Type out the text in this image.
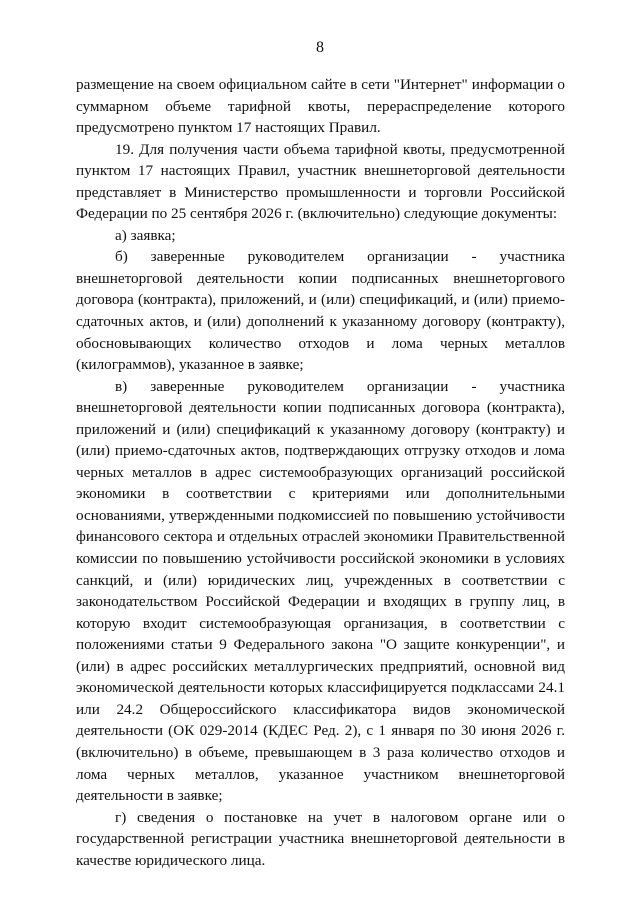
8

размещение на своем официальном сайте в сети "Интернет" информации о суммарном объеме тарифной квоты, перераспределение которого предусмотрено пунктом 17 настоящих Правил.

19. Для получения части объема тарифной квоты, предусмотренной пунктом 17 настоящих Правил, участник внешнеторговой деятельности представляет в Министерство промышленности и торговли Российской Федерации по 25 сентября 2026 г. (включительно) следующие документы:

а) заявка;

б) заверенные руководителем организации - участника внешнеторговой деятельности копии подписанных внешнеторгового договора (контракта), приложений, и (или) спецификаций, и (или) приемо-сдаточных актов, и (или) дополнений к указанному договору (контракту), обосновывающих количество отходов и лома черных металлов (килограммов), указанное в заявке;

в) заверенные руководителем организации - участника внешнеторговой деятельности копии подписанных договора (контракта), приложений и (или) спецификаций к указанному договору (контракту) и (или) приемо-сдаточных актов, подтверждающих отгрузку отходов и лома черных металлов в адрес системообразующих организаций российской экономики в соответствии с критериями или дополнительными основаниями, утвержденными подкомиссией по повышению устойчивости финансового сектора и отдельных отраслей экономики Правительственной комиссии по повышению устойчивости российской экономики в условиях санкций, и (или) юридических лиц, учрежденных в соответствии с законодательством Российской Федерации и входящих в группу лиц, в которую входит системообразующая организация, в соответствии с положениями статьи 9 Федерального закона "О защите конкуренции", и (или) в адрес российских металлургических предприятий, основной вид экономической деятельности которых классифицируется подклассами 24.1 или 24.2 Общероссийского классификатора видов экономической деятельности (ОК 029-2014 (КДЕС Ред. 2), с 1 января по 30 июня 2026 г. (включительно) в объеме, превышающем в 3 раза количество отходов и лома черных металлов, указанное участником внешнеторговой деятельности в заявке;

г) сведения о постановке на учет в налоговом органе или о государственной регистрации участника внешнеторговой деятельности в качестве юридического лица.
